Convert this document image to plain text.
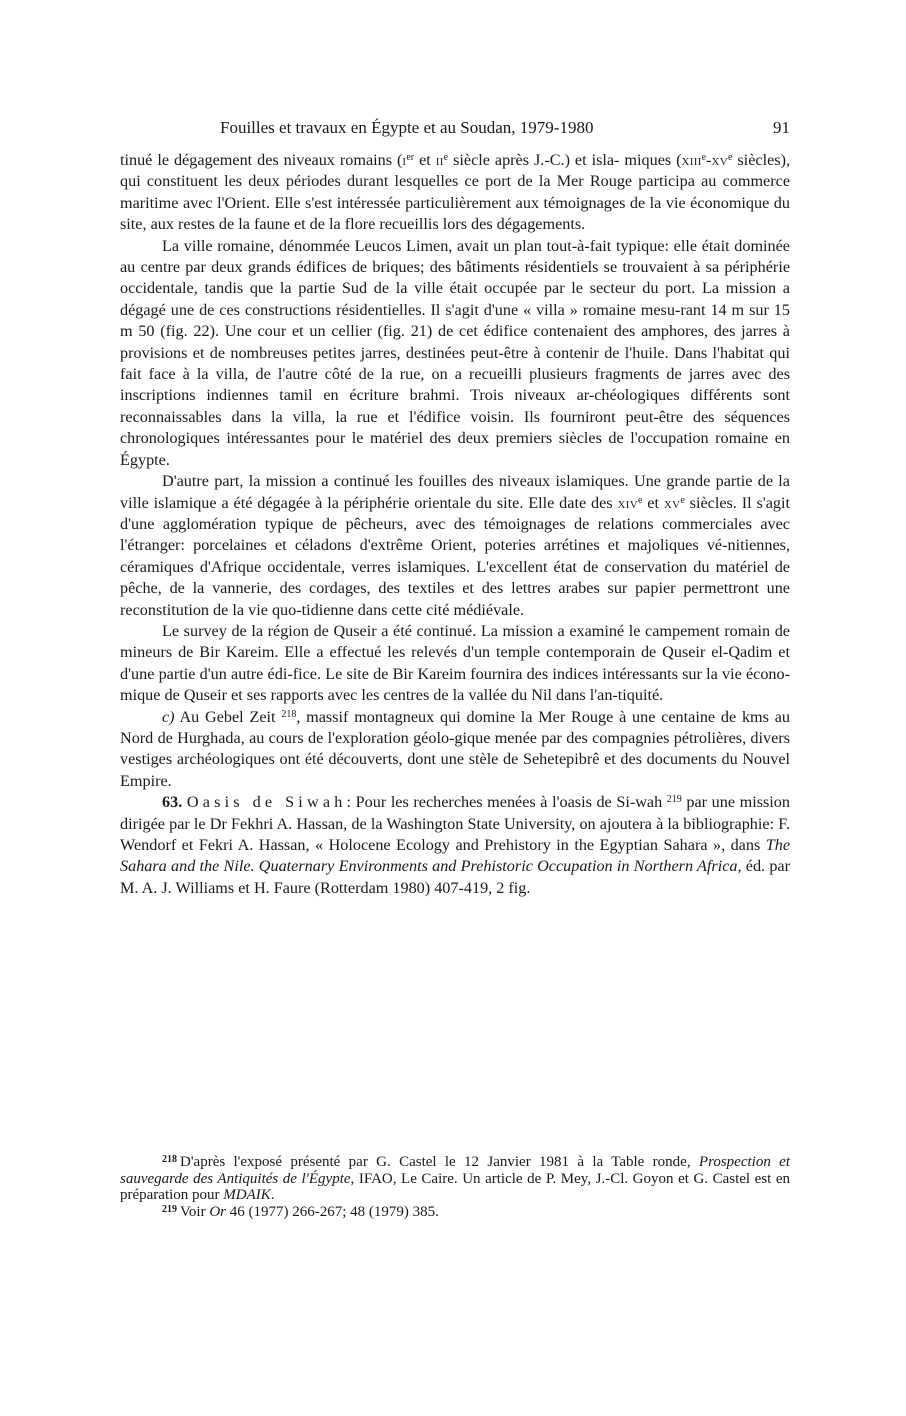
Fouilles et travaux en Égypte et au Soudan, 1979-1980	91

tinué le dégagement des niveaux romains ($i^{er}$ et $ii^e$ siècle après J.-C.) et isla- miques ($xiii^e-xv^e$ siècles), qui constituent les deux périodes durant lesquelles ce port de la Mer Rouge participa au commerce maritime avec l'Orient. Elle s'est intéressée particulièrement aux témoignages de la vie économique du site, aux restes de la faune et de la flore recueillis lors des dégagements.

La ville romaine, dénommée Leucos Limen, avait un plan tout-à-fait typique: elle était dominée au centre par deux grands édifices de briques; des bâtiments résidentiels se trouvaient à sa périphérie occidentale, tandis que la partie Sud de la ville était occupée par le secteur du port. La mission a dégagé une de ces constructions résidentielles. Il s'agit d'une « villa » romaine mesu-rant 14 m sur 15 m 50 (fig. 22). Une cour et un cellier (fig. 21) de cet édifice contenaient des amphores, des jarres à provisions et de nombreuses petites jarres, destinées peut-être à contenir de l'huile. Dans l'habitat qui fait face à la villa, de l'autre côté de la rue, on a recueilli plusieurs fragments de jarres avec des inscriptions indiennes tamil en écriture brahmi. Trois niveaux ar-chéologiques différents sont reconnaissables dans la villa, la rue et l'édifice voisin. Ils fourniront peut-être des séquences chronologiques intéressantes pour le matériel des deux premiers siècles de l'occupation romaine en Égypte.

D'autre part, la mission a continué les fouilles des niveaux islamiques. Une grande partie de la ville islamique a été dégagée à la périphérie orientale du site. Elle date des xiv$^e$ et $xv^e$ siècles. Il s'agit d'une agglomération typique de pêcheurs, avec des témoignages de relations commerciales avec l'étranger: porcelaines et céladons d'extrême Orient, poteries arrétines et majoliques vé-nitiennes, céramiques d'Afrique occidentale, verres islamiques. L'excellent état de conservation du matériel de pêche, de la vannerie, des cordages, des textiles et des lettres arabes sur papier permettront une reconstitution de la vie quo-tidienne dans cette cité médiévale.

Le survey de la région de Quseir a été continué. La mission a examiné le campement romain de mineurs de Bir Kareim. Elle a effectué les relevés d'un temple contemporain de Quseir el-Qadim et d'une partie d'un autre édi-fice. Le site de Bir Kareim fournira des indices intéressants sur la vie écono-mique de Quseir et ses rapports avec les centres de la vallée du Nil dans l'an-tiquité.

c) Au Gebel Zeit $^{218}$, massif montagneux qui domine la Mer Rouge à une centaine de kms au Nord de Hurghada, au cours de l'exploration géolo-gique menée par des compagnies pétrolières, divers vestiges archéologiques ont été découverts, dont une stèle de Sehetepibrê et des documents du Nouvel Empire.

63. Oasis de Siwah: Pour les recherches menées à l'oasis de Si-wah $^{219}$ par une mission dirigée par le Dr Fekhri A. Hassan, de la Washington State University, on ajoutera à la bibliographie: F. Wendorf et Fekri A. Hassan, « Holocene Ecology and Prehistory in the Egyptian Sahara », dans The Sahara and the Nile. Quaternary Environments and Prehistoric Occupation in Northern Africa, éd. par M. A. J. Williams et H. Faure (Rotterdam 1980) 407-419, 2 fig.

$^{218}$ D'après l'exposé présenté par G. Castel le 12 Janvier 1981 à la Table ronde, Prospection et sauvegarde des Antiquités de l'Égypte, IFAO, Le Caire. Un article de P. Mey, J.-Cl. Goyon et G. Castel est en préparation pour MDAIK.

$^{219}$ Voir Or 46 (1977) 266-267; 48 (1979) 385.
